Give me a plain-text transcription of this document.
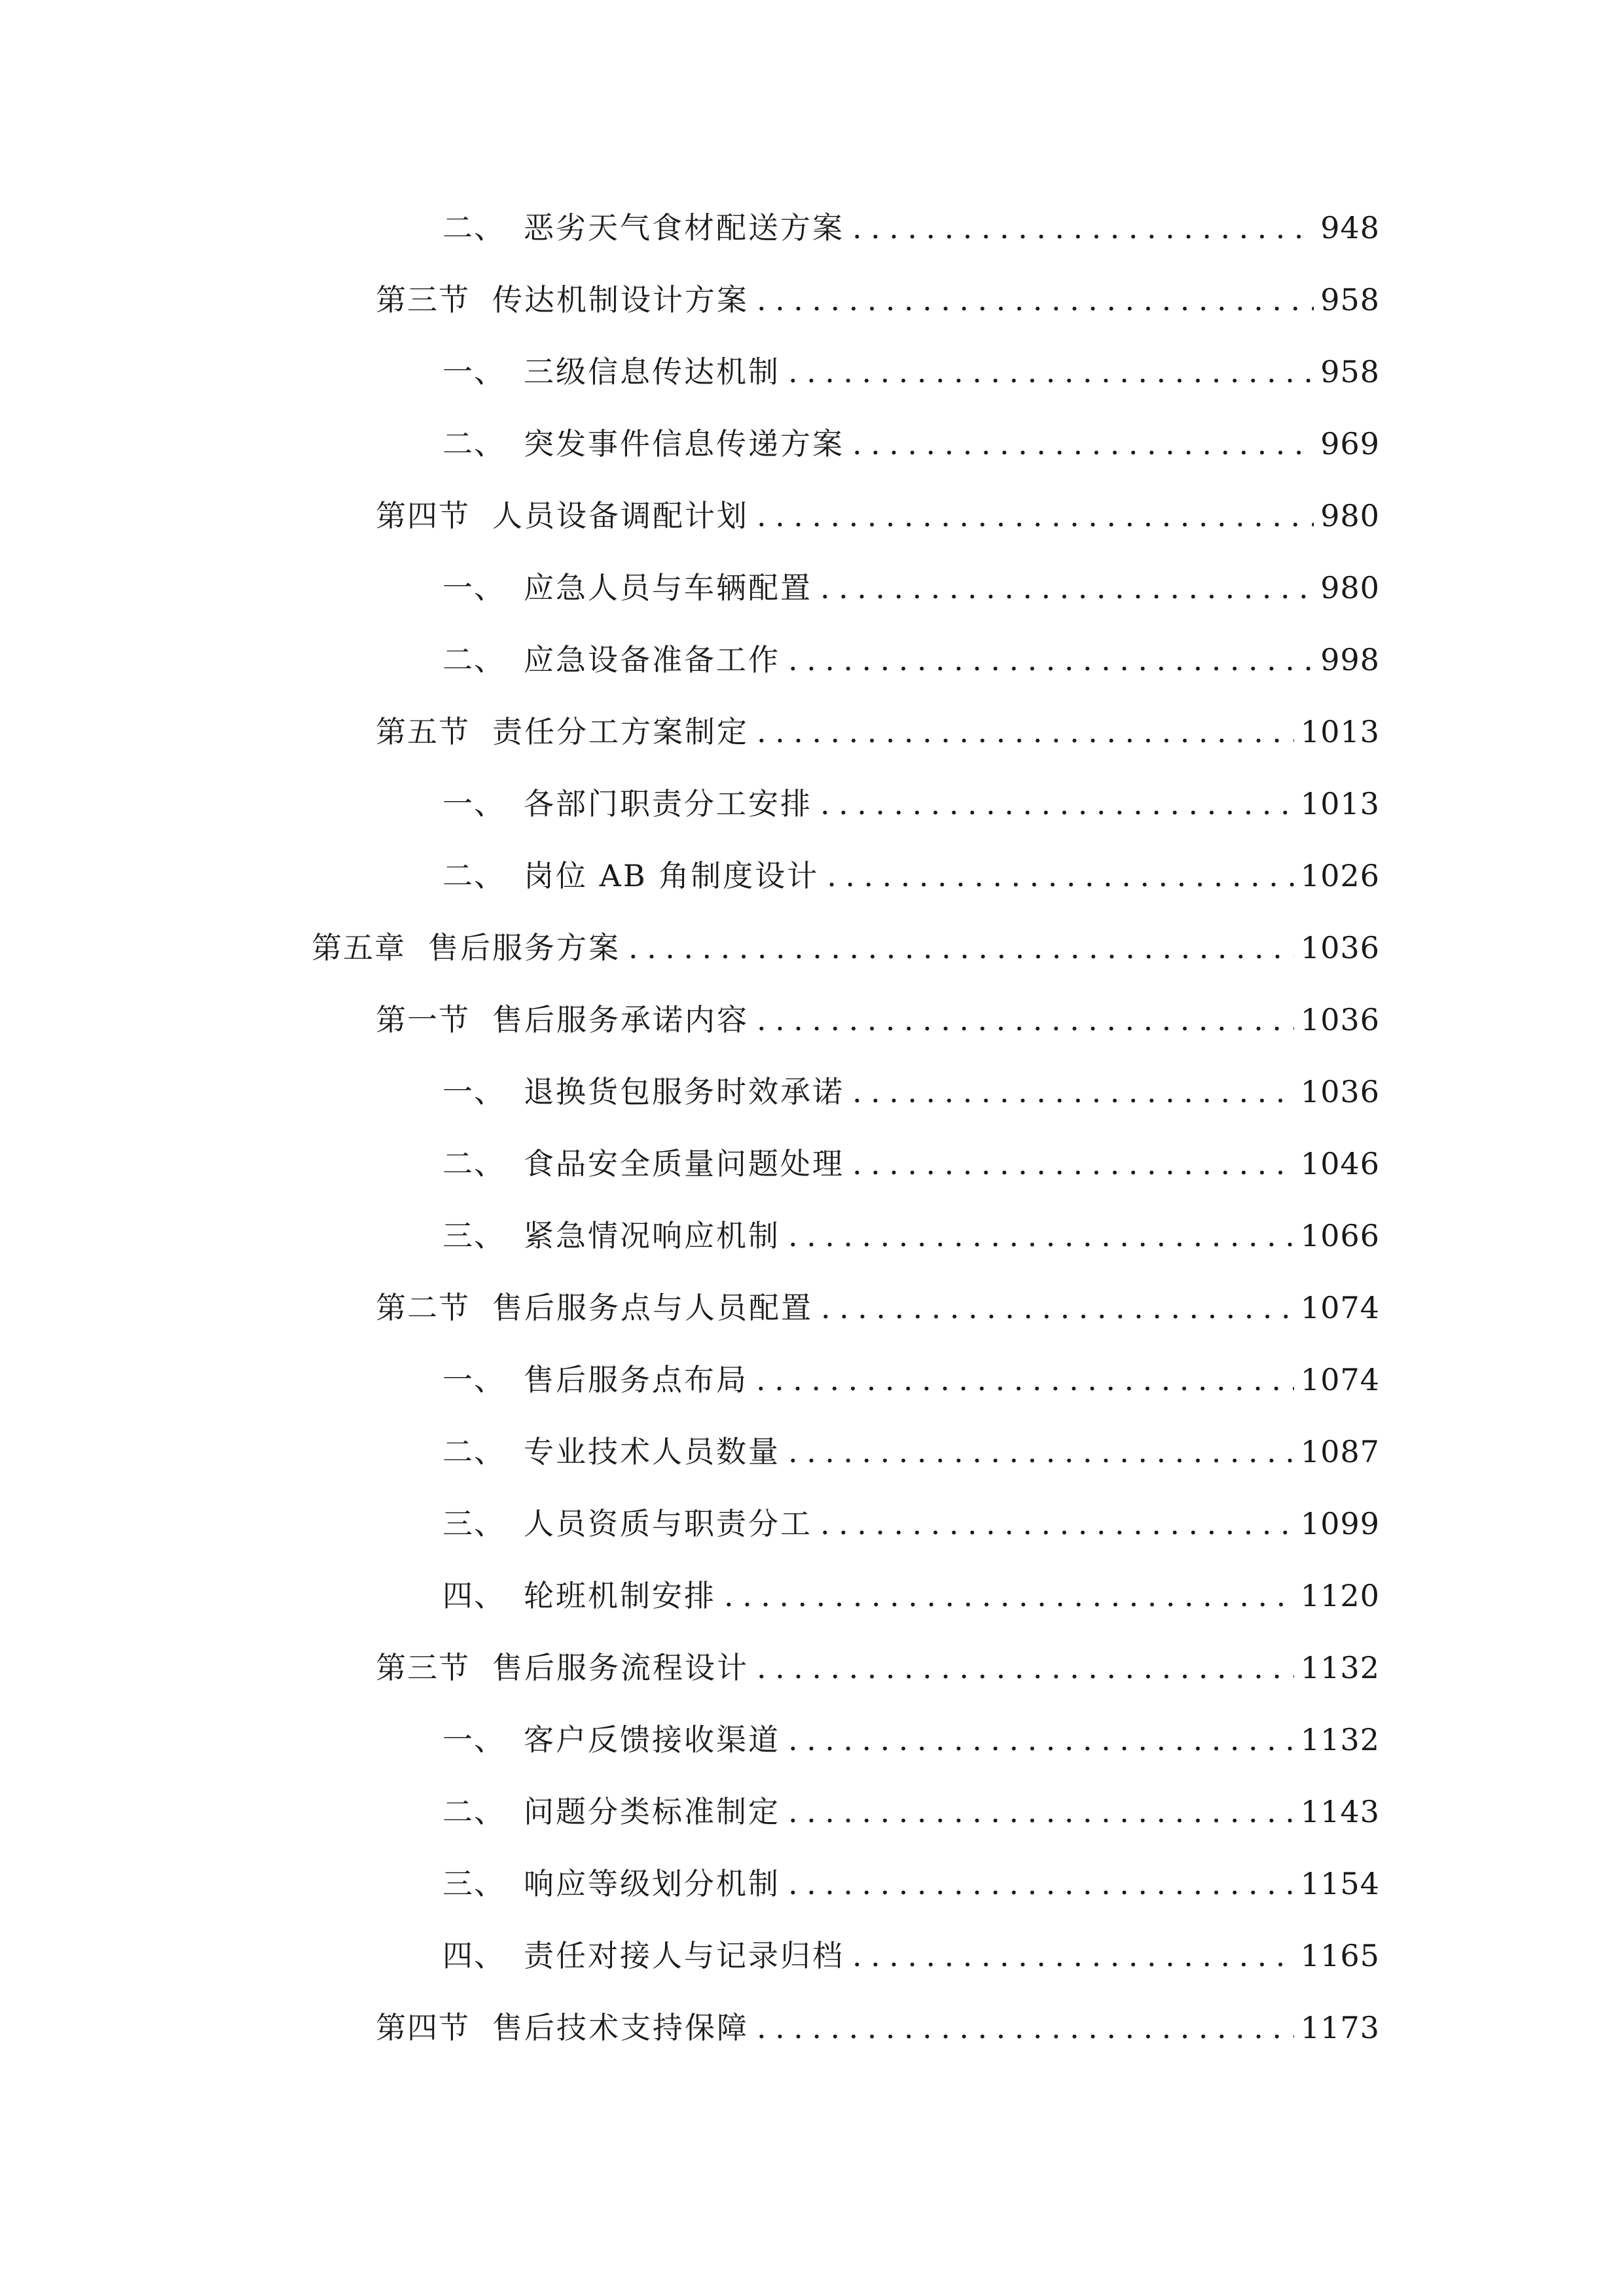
二、 恶劣天气食材配送方案 .....	948
第三节 传达机制设计方案 .....	958
一、 三级信息传达机制 .....	958
二、 突发事件信息传递方案 .....	969
第四节 人员设备调配计划 .....	980
一、 应急人员与车辆配置 .....	980
二、 应急设备准备工作 .....	998
第五节 责任分工方案制定 .....	1013
一、 各部门职责分工安排 .....	1013
二、 岗位 AB 角制度设计 .....	1026
第五章 售后服务方案 .....	1036
第一节 售后服务承诺内容 .....	1036
一、 退换货包服务时效承诺 .....	1036
二、 食品安全质量问题处理 .....	1046
三、 紧急情况响应机制 .....	1066
第二节 售后服务点与人员配置 .....	1074
一、 售后服务点布局 .....	1074
二、 专业技术人员数量 .....	1087
三、 人员资质与职责分工 .....	1099
四、 轮班机制安排 .....	1120
第三节 售后服务流程设计 .....	1132
一、 客户反馈接收渠道 .....	1132
二、 问题分类标准制定 .....	1143
三、 响应等级划分机制 .....	1154
四、 责任对接人与记录归档 .....	1165
第四节 售后技术支持保障 .....	1173
